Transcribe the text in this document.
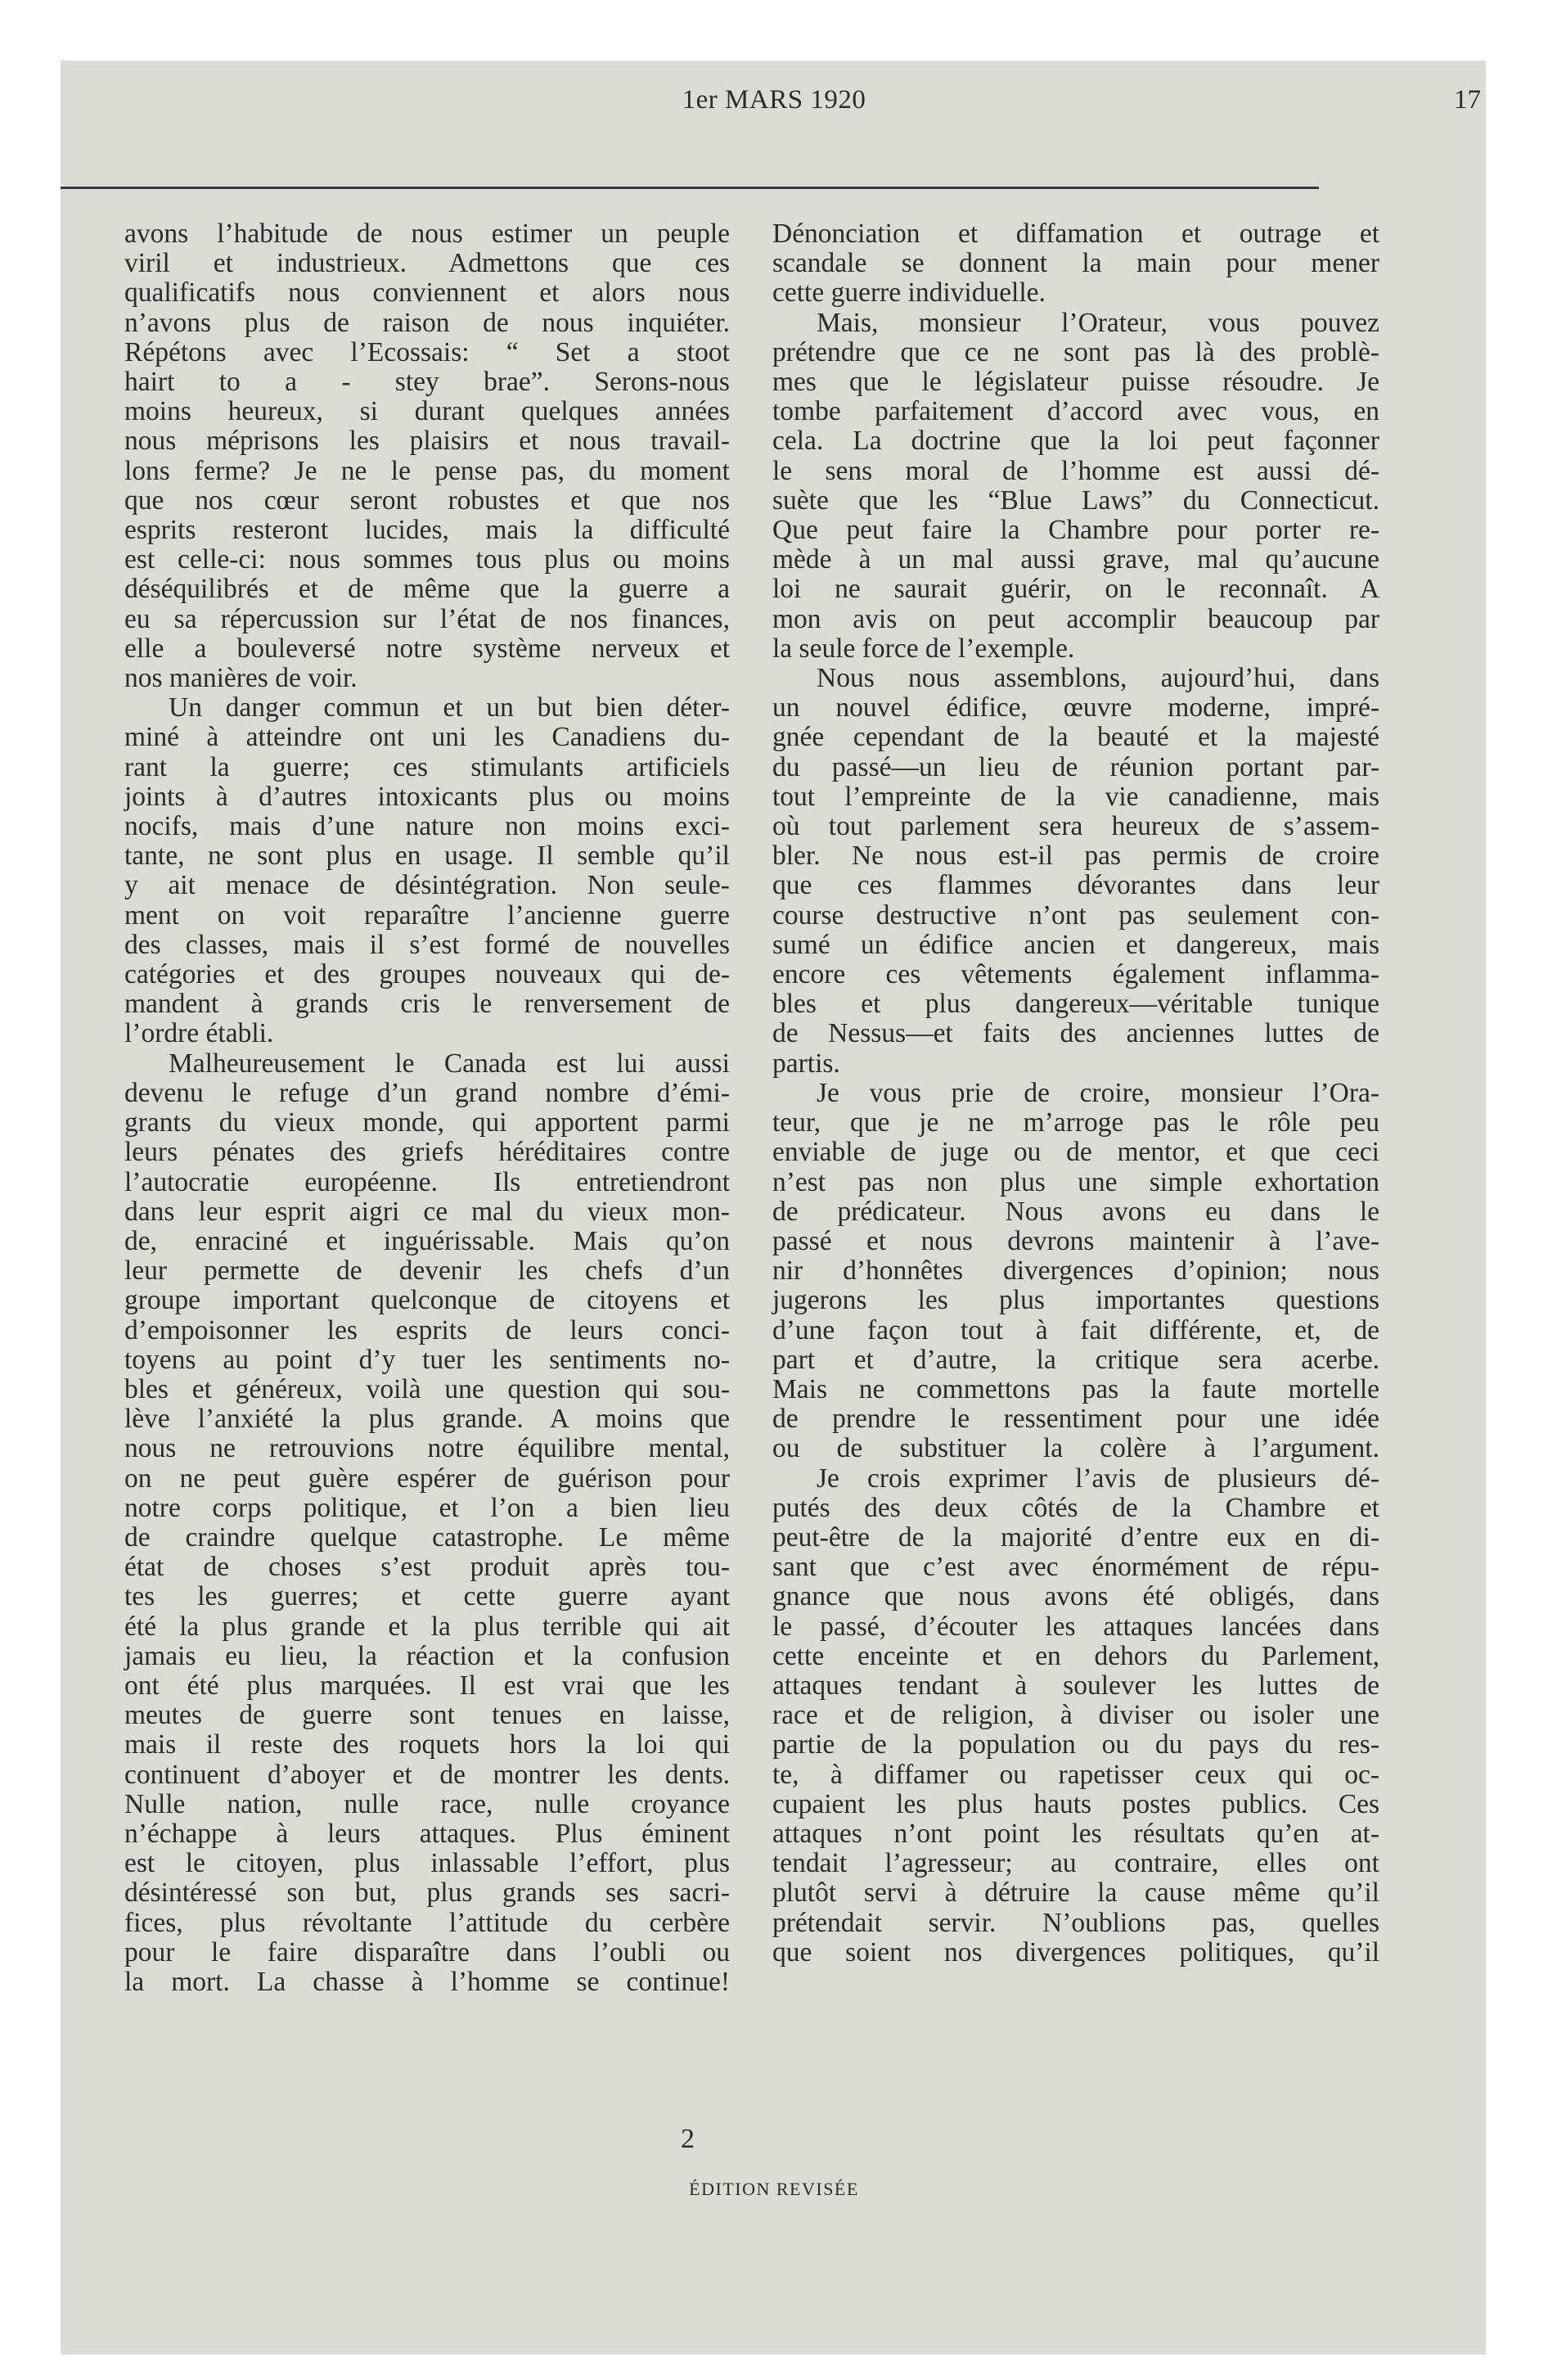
1er MARS 1920	17

avons l’habitude de nous estimer un peuple

viril et industrieux. Admettons que ces

qualificatifs nous conviennent et alors nous

n’avons plus de raison de nous inquiéter.

Répétons avec l’Ecossais: “ Set a stoot

hairt to a - stey brae”. Serons-nous

moins heureux, si durant quelques années

nous méprisons les plaisirs et nous travail-

lons ferme? Je ne le pense pas, du moment

que nos cœur seront robustes et que nos

esprits resteront lucides, mais la difficulté

est celle-ci: nous sommes tous plus ou moins

déséquilibrés et de même que la guerre a

eu sa répercussion sur l’état de nos finances,

elle a bouleversé notre système nerveux et

nos manières de voir.

Un danger commun et un but bien déter-

miné à atteindre ont uni les Canadiens du-

rant la guerre; ces stimulants artificiels

joints à d’autres intoxicants plus ou moins

nocifs, mais d’une nature non moins exci-

tante, ne sont plus en usage. Il semble qu’il

y ait menace de désintégration. Non seule-

ment on voit reparaître l’ancienne guerre

des classes, mais il s’est formé de nouvelles

catégories et des groupes nouveaux qui de-

mandent à grands cris le renversement de

l’ordre établi.

Malheureusement le Canada est lui aussi

devenu le refuge d’un grand nombre d’émi-

grants du vieux monde, qui apportent parmi

leurs pénates des griefs héréditaires contre

l’autocratie européenne. Ils entretiendront

dans leur esprit aigri ce mal du vieux mon-

de, enraciné et inguérissable. Mais qu’on

leur permette de devenir les chefs d’un

groupe important quelconque de citoyens et

d’empoisonner les esprits de leurs conci-

toyens au point d’y tuer les sentiments no-

bles et généreux, voilà une question qui sou-

lève l’anxiété la plus grande. A moins que

nous ne retrouvions notre équilibre mental,

on ne peut guère espérer de guérison pour

notre corps politique, et l’on a bien lieu

de craindre quelque catastrophe. Le même

état de choses s’est produit après tou-

tes les guerres; et cette guerre ayant

été la plus grande et la plus terrible qui ait

jamais eu lieu, la réaction et la confusion

ont été plus marquées. Il est vrai que les

meutes de guerre sont tenues en laisse,

mais il reste des roquets hors la loi qui

continuent d’aboyer et de montrer les dents.

Nulle nation, nulle race, nulle croyance

n’échappe à leurs attaques. Plus éminent

est le citoyen, plus inlassable l’effort, plus

désintéressé son but, plus grands ses sacri-

fices, plus révoltante l’attitude du cerbère

pour le faire disparaître dans l’oubli ou

la mort. La chasse à l’homme se continue!

Dénonciation et diffamation et outrage et

scandale se donnent la main pour mener

cette guerre individuelle.

Mais, monsieur l’Orateur, vous pouvez

prétendre que ce ne sont pas là des problè-

mes que le législateur puisse résoudre. Je

tombe parfaitement d’accord avec vous, en

cela. La doctrine que la loi peut façonner

le sens moral de l’homme est aussi dé-

suète que les “Blue Laws” du Connecticut.

Que peut faire la Chambre pour porter re-

mède à un mal aussi grave, mal qu’aucune

loi ne saurait guérir, on le reconnaît. A

mon avis on peut accomplir beaucoup par

la seule force de l’exemple.

Nous nous assemblons, aujourd’hui, dans

un nouvel édifice, œuvre moderne, impré-

gnée cependant de la beauté et la majesté

du passé—un lieu de réunion portant par-

tout l’empreinte de la vie canadienne, mais

où tout parlement sera heureux de s’assem-

bler. Ne nous est-il pas permis de croire

que ces flammes dévorantes dans leur

course destructive n’ont pas seulement con-

sumé un édifice ancien et dangereux, mais

encore ces vêtements également inflamma-

bles et plus dangereux—véritable tunique

de Nessus—et faits des anciennes luttes de

partis.

Je vous prie de croire, monsieur l’Ora-

teur, que je ne m’arroge pas le rôle peu

enviable de juge ou de mentor, et que ceci

n’est pas non plus une simple exhortation

de prédicateur. Nous avons eu dans le

passé et nous devrons maintenir à l’ave-

nir d’honnêtes divergences d’opinion; nous

jugerons les plus importantes questions

d’une façon tout à fait différente, et, de

part et d’autre, la critique sera acerbe.

Mais ne commettons pas la faute mortelle

de prendre le ressentiment pour une idée

ou de substituer la colère à l’argument.

Je crois exprimer l’avis de plusieurs dé-

putés des deux côtés de la Chambre et

peut-être de la majorité d’entre eux en di-

sant que c’est avec énormément de répu-

gnance que nous avons été obligés, dans

le passé, d’écouter les attaques lancées dans

cette enceinte et en dehors du Parlement,

attaques tendant à soulever les luttes de

race et de religion, à diviser ou isoler une

partie de la population ou du pays du res-

te, à diffamer ou rapetisser ceux qui oc-

cupaient les plus hauts postes publics. Ces

attaques n’ont point les résultats qu’en at-

tendait l’agresseur; au contraire, elles ont

plutôt servi à détruire la cause même qu’il

prétendait servir. N’oublions pas, quelles

que soient nos divergences politiques, qu’il

2
ÉDITION REVISÉE
